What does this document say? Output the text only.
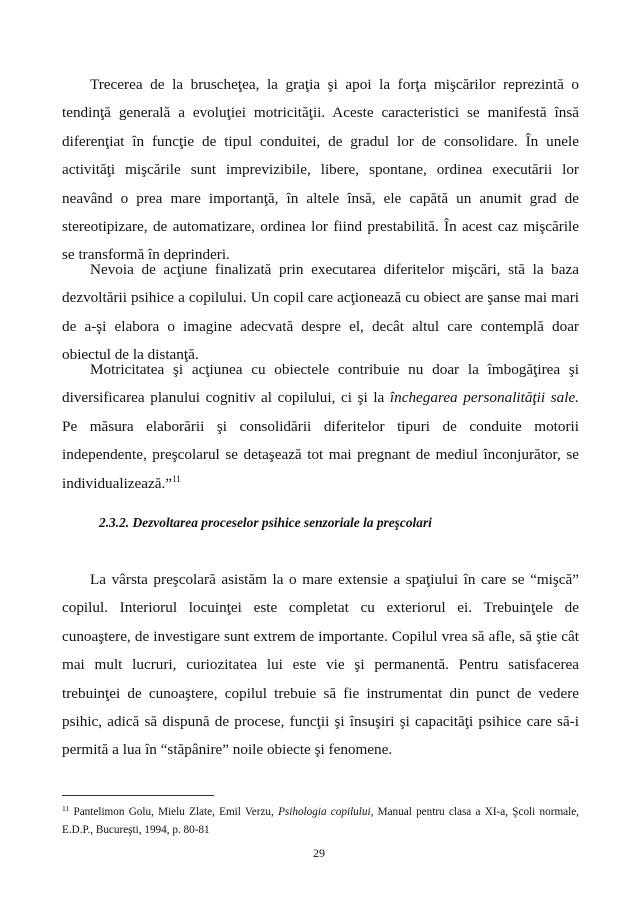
Trecerea de la bruscheţea, la graţia şi apoi la forţa mişcărilor reprezintă o tendinţă generală a evoluţiei motricităţii. Aceste caracteristici se manifestă însă diferenţiat în funcţie de tipul conduitei, de gradul lor de consolidare. În unele activităţi mişcările sunt imprevizibile, libere, spontane, ordinea executării lor neavând o prea mare importanţă, în altele însă, ele capătă un anumit grad de stereotipizare, de automatizare, ordinea lor fiind prestabilită. În acest caz mişcările se transformă în deprinderi.

Nevoia de acţiune finalizată prin executarea diferitelor mişcări, stă la baza dezvoltării psihice a copilului. Un copil care acţionează cu obiect are şanse mai mari de a-şi elabora o imagine adecvată despre el, decât altul care contemplă doar obiectul de la distanţă.

Motricitatea şi acţiunea cu obiectele contribuie nu doar la îmbogăţirea şi diversificarea planului cognitiv al copilului, ci şi la închegarea personalităţii sale. Pe măsura elaborării şi consolidării diferitelor tipuri de conduite motorii independente, preşcolarul se detaşează tot mai pregnant de mediul înconjurător, se individualizează.”$^{11}$

2.3.2. Dezvoltarea proceselor psihice senzoriale la preşcolari

La vârsta preşcolară asistăm la o mare extensie a spaţiului în care se “mişcă” copilul. Interiorul locuinţei este completat cu exteriorul ei. Trebuinţele de cunoaştere, de investigare sunt extrem de importante. Copilul vrea să afle, să ştie cât mai mult lucruri, curiozitatea lui este vie şi permanentă. Pentru satisfacerea trebuinţei de cunoaştere, copilul trebuie să fie instrumentat din punct de vedere psihic, adică să dispună de procese, funcţii şi însuşiri şi capacităţi psihice care să-i permită a lua în “stăpânire” noile obiecte şi fenomene.

$^{11}$ Pantelimon Golu, Mielu Zlate, Emil Verzu, Psihologia copilului, Manual pentru clasa a XI-a, Şcoli normale, E.D.P., Bucureşti, 1994, p. 80-81

29
